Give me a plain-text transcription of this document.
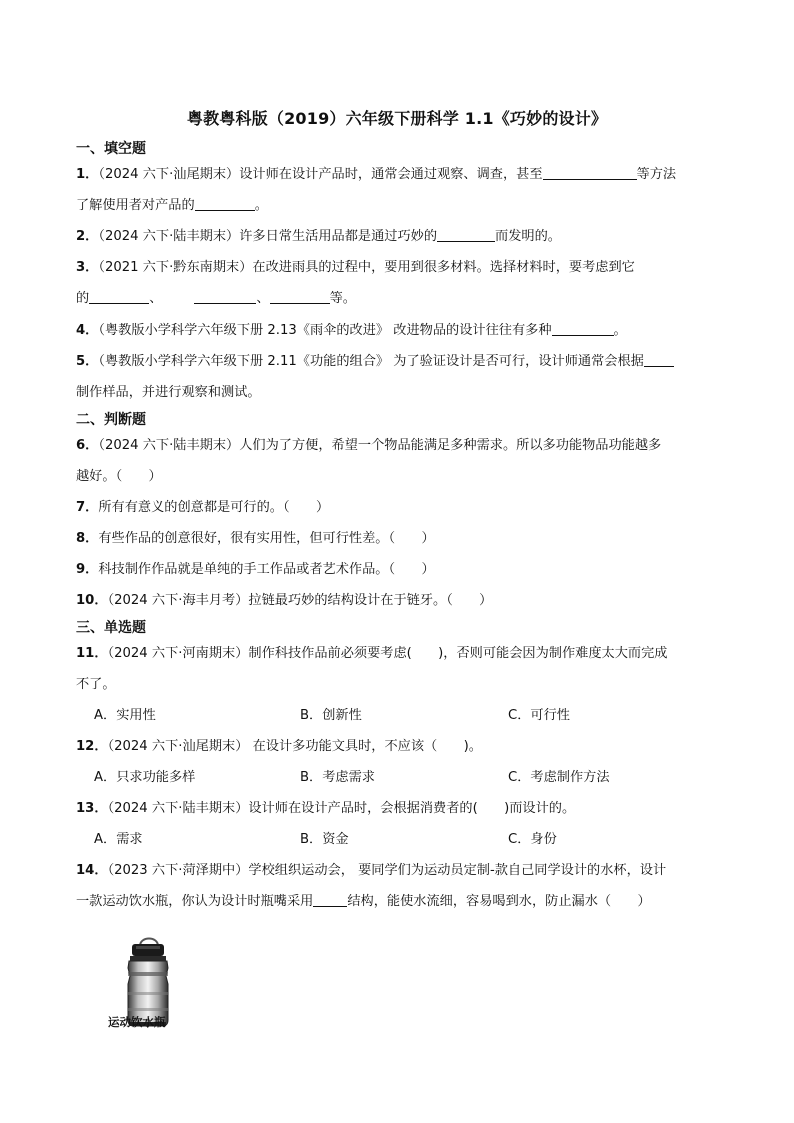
粤教粤科版（2019）六年级下册科学 1.1《巧妙的设计》
一、填空题
1．（2024 六下·汕尾期末）设计师在设计产品时，通常会通过观察、调查，甚至	等方法
了解使用者对产品的	。
2．（2024 六下·陆丰期末）许多日常生活用品都是通过巧妙的	而发明的。
3．（2021 六下·黔东南期末）在改进雨具的过程中，要用到很多材料。选择材料时，要考虑到它
的	、	、	等。
4．（粤教版小学科学六年级下册 2.13《雨伞的改进》 改进物品的设计往往有多种	。
5．（粤教版小学科学六年级下册 2.11《功能的组合》 为了验证设计是否可行，设计师通常会根据
制作样品，并进行观察和测试。
二、判断题
6．（2024 六下·陆丰期末）人们为了方便，希望一个物品能满足多种需求。所以多功能物品功能越多
越好。（　　）
7．所有有意义的创意都是可行的。（　　）
8．有些作品的创意很好，很有实用性，但可行性差。（　　）
9．科技制作作品就是单纯的手工作品或者艺术作品。（　　）
10．（2024 六下·海丰月考）拉链最巧妙的结构设计在于链牙。（　　）
三、单选题
11．（2024 六下·河南期末）制作科技作品前必须要考虑(　　)，否则可能会因为制作难度太大而完成
不了。
A．实用性	B．创新性	C．可行性
12．（2024 六下·汕尾期末） 在设计多功能文具时，不应该（　　)。
A．只求功能多样	B．考虑需求	C．考虑制作方法
13．（2024 六下·陆丰期末）设计师在设计产品时，会根据消费者的(　　)而设计的。
A．需求	B．资金	C．身份
14．（2023 六下·菏泽期中）学校组织运动会， 要同学们为运动员定制-款自己同学设计的水杯，设计
一款运动饮水瓶，你认为设计时瓶嘴采用	结构，能使水流细，容易喝到水，防止漏水（　　）
运动饮水瓶
